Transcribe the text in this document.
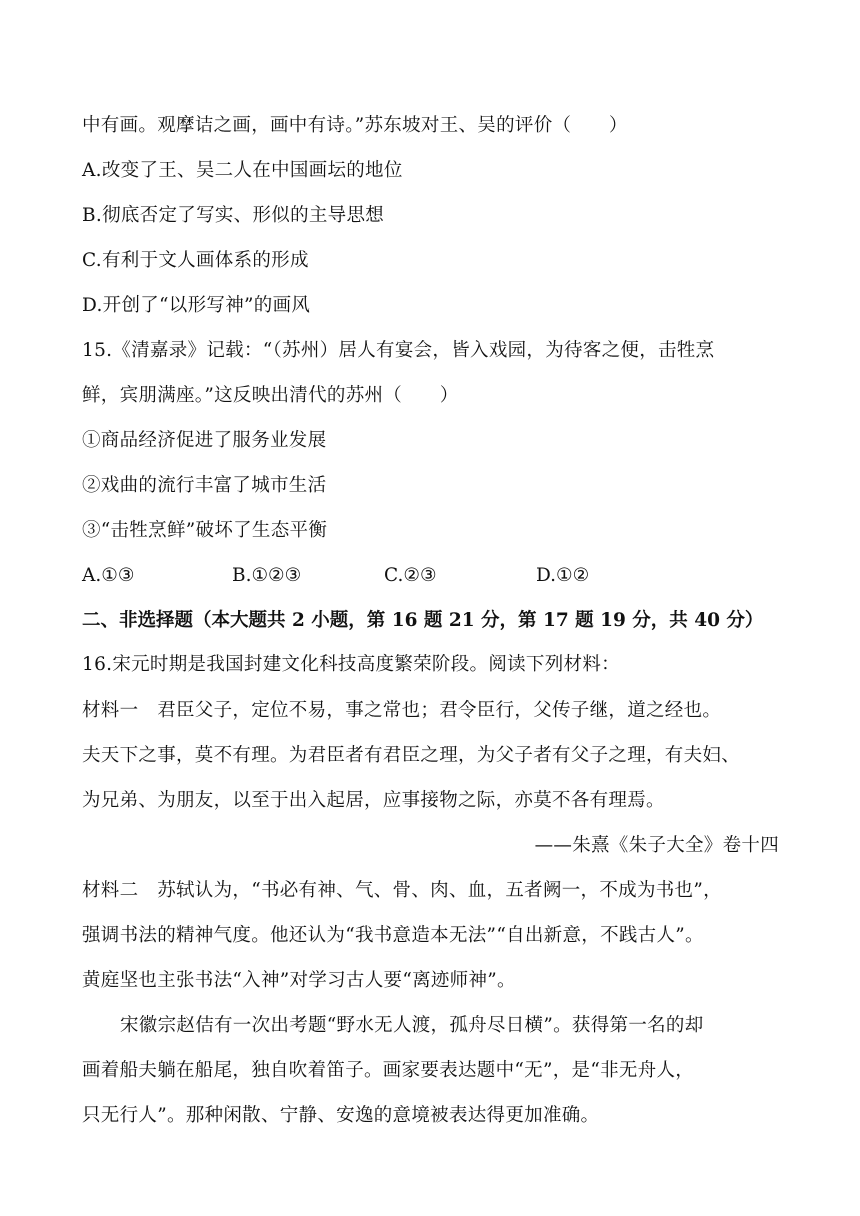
中有画。观摩诘之画，画中有诗。”苏东坡对王、吴的评价（　　）
A.改变了王、吴二人在中国画坛的地位
B.彻底否定了写实、形似的主导思想
C.有利于文人画体系的形成
D.开创了“以形写神”的画风
15.《清嘉录》记载：“（苏州）居人有宴会，皆入戏园，为待客之便，击牲烹
鲜，宾朋满座。”这反映出清代的苏州（　　）
①商品经济促进了服务业发展
②戏曲的流行丰富了城市生活
③“击牲烹鲜”破坏了生态平衡
A.①③	B.①②③	C.②③	D.①②
二、非选择题（本大题共 2 小题，第 16 题 21 分，第 17 题 19 分，共 40 分）
16.宋元时期是我国封建文化科技高度繁荣阶段。阅读下列材料：
材料一　君臣父子，定位不易，事之常也；君令臣行，父传子继，道之经也。
夫天下之事，莫不有理。为君臣者有君臣之理，为父子者有父子之理，有夫妇、
为兄弟、为朋友，以至于出入起居，应事接物之际，亦莫不各有理焉。
——朱熹《朱子大全》卷十四
材料二　苏轼认为，“书必有神、气、骨、肉、血，五者阙一，不成为书也”，
强调书法的精神气度。他还认为“我书意造本无法”“自出新意，不践古人”。
黄庭坚也主张书法“入神”对学习古人要“离迹师神”。
宋徽宗赵佶有一次出考题“野水无人渡，孤舟尽日横”。获得第一名的却
画着船夫躺在船尾，独自吹着笛子。画家要表达题中“无”，是“非无舟人，
只无行人”。那种闲散、宁静、安逸的意境被表达得更加准确。
